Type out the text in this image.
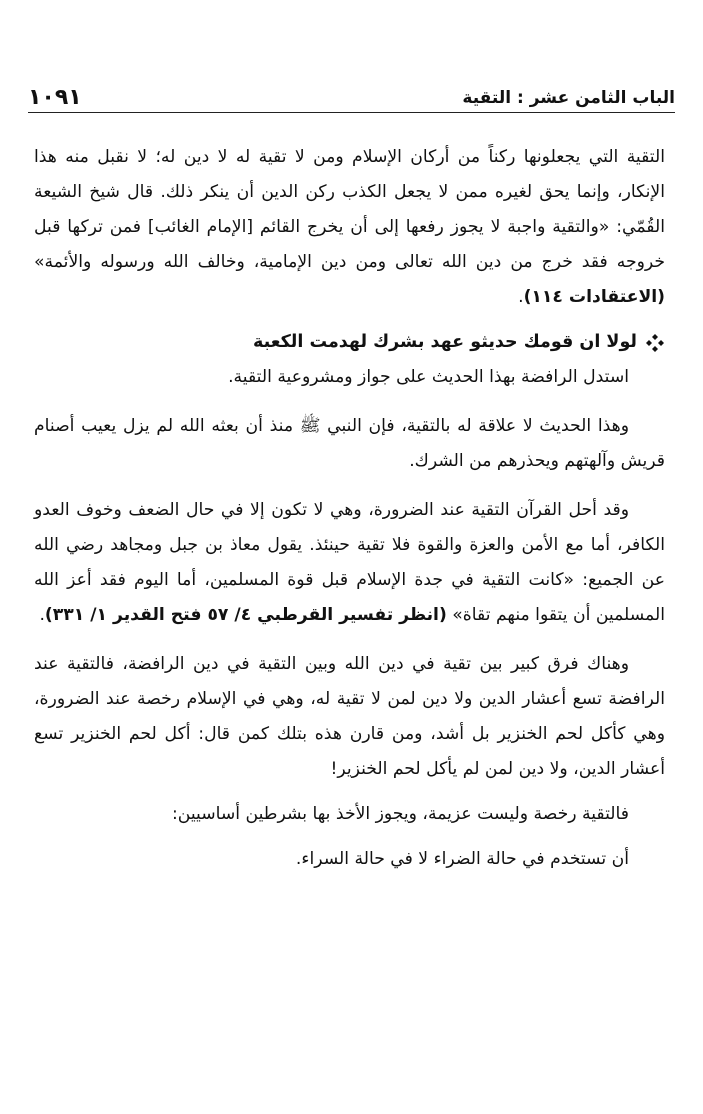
الباب الثامن عشر : التقية
١٠٩١

التقية التي يجعلونها ركناً من أركان الإسلام ومن لا تقية له لا دين له؛ لا نقبل منه هذا الإنكار، وإنما يحق لغيره ممن لا يجعل الكذب ركن الدين أن ينكر ذلك. قال شيخ الشيعة القُمّي: «والتقية واجبة لا يجوز رفعها إلى أن يخرج القائم [الإمام الغائب] فمن تركها قبل خروجه فقد خرج من دين الله تعالى ومن دين الإمامية، وخالف الله ورسوله والأئمة» (الاعتقادات ١١٤).

لولا ان قومك حديثو عهد بشرك لهدمت الكعبة

استدل الرافضة بهذا الحديث على جواز ومشروعية التقية.

وهذا الحديث لا علاقة له بالتقية، فإن النبي ﷺ منذ أن بعثه الله لم يزل يعيب أصنام قريش وآلهتهم ويحذرهم من الشرك.

وقد أحل القرآن التقية عند الضرورة، وهي لا تكون إلا في حال الضعف وخوف العدو الكافر، أما مع الأمن والعزة والقوة فلا تقية حينئذ. يقول معاذ بن جبل ومجاهد رضي الله عن الجميع: «كانت التقية في جدة الإسلام قبل قوة المسلمين، أما اليوم فقد أعز الله المسلمين أن يتقوا منهم تقاة» (انظر تفسير القرطبي ٤/ ٥٧ فتح القدير ١/ ٣٣١).

وهناك فرق كبير بين تقية في دين الله وبين التقية في دين الرافضة، فالتقية عند الرافضة تسع أعشار الدين ولا دين لمن لا تقية له، وهي في الإسلام رخصة عند الضرورة، وهي كأكل لحم الخنزير بل أشد، ومن قارن هذه بتلك كمن قال: أكل لحم الخنزير تسع أعشار الدين، ولا دين لمن لم يأكل لحم الخنزير!

فالتقية رخصة وليست عزيمة، ويجوز الأخذ بها بشرطين أساسيين:

أن تستخدم في حالة الضراء لا في حالة السراء.
